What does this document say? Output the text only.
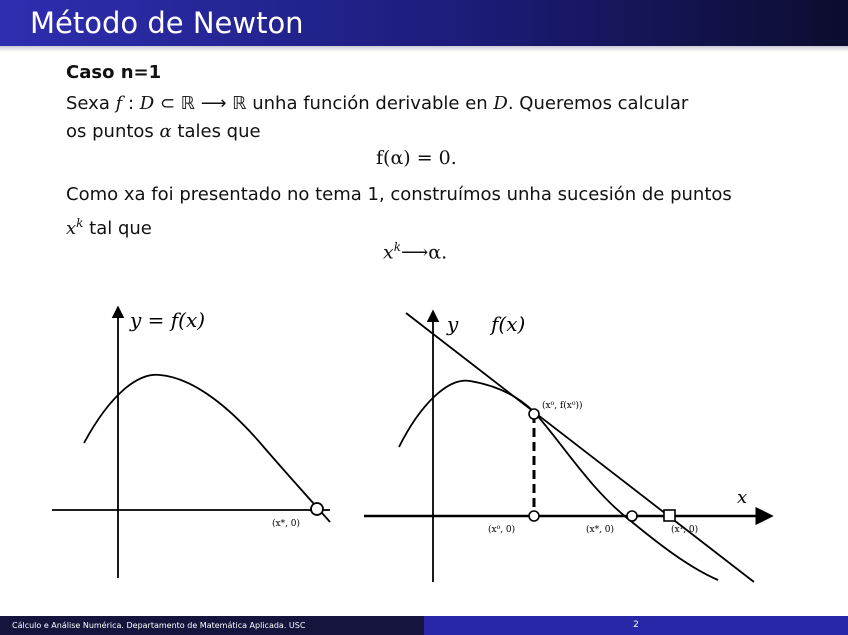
Método de Newton
Caso n=1
Sexa f : D ⊂ ℝ ⟶ ℝ unha función derivable en D. Queremos calcular
os puntos α tales que
f(α) = 0.
Como xa foi presentado no tema 1, construímos unha sucesión de puntos
$x^k$ tal que
$x^k⟶\alpha$.
y = f(x)
(x*, 0)
y f(x)
x
(x⁰, f(x⁰))
(x⁰, 0)	(x*, 0)	(x¹, 0)
Cálculo e Análise Numérica. Departamento de Matemática Aplicada. USC	2
